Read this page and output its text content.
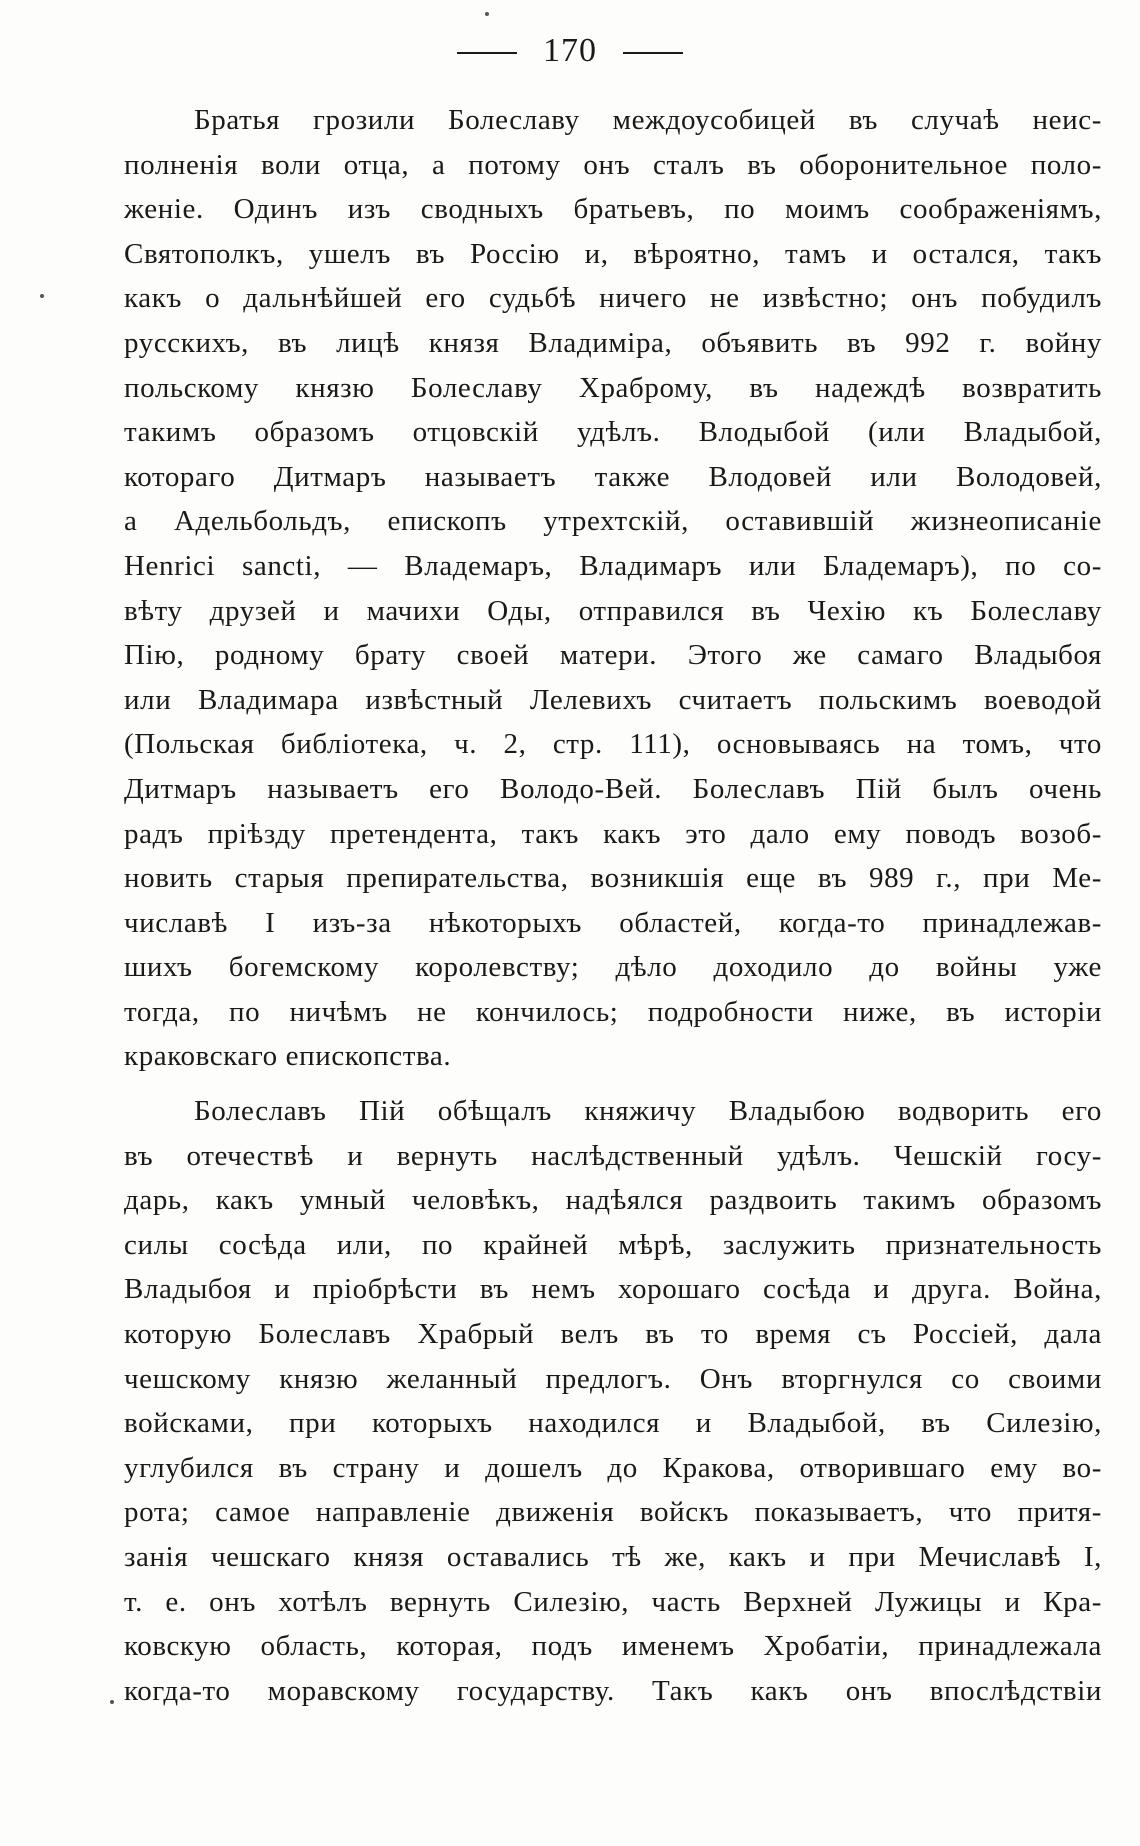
170
Братья грозили Болеславу междоусобицей въ случаѣ неис-
полненія воли отца, а потому онъ сталъ въ оборонительное поло-
женіе. Одинъ изъ сводныхъ братьевъ, по моимъ соображеніямъ,
Святополкъ, ушелъ въ Россію и, вѣроятно, тамъ и остался, такъ
какъ о дальнѣйшей его судьбѣ ничего не извѣстно; онъ побудилъ
русскихъ, въ лицѣ князя Владиміра, объявить въ 992 г. войну
польскому князю Болеславу Храброму, въ надеждѣ возвратить
такимъ образомъ отцовскій удѣлъ. Влодыбой (или Владыбой,
котораго Дитмаръ называетъ также Влодовей или Володовей,
а Адельбольдъ, епископъ утрехтскій, оставившій жизнеописаніе
Henrici sancti, — Владемаръ, Владимаръ или Бладемаръ), по со-
вѣту друзей и мачихи Оды, отправился въ Чехію къ Болеславу
Пію, родному брату своей матери. Этого же самаго Владыбоя
или Владимара извѣстный Лелевихъ считаетъ польскимъ воеводой
(Польская библіотека, ч. 2, стр. 111), основываясь на томъ, что
Дитмаръ называетъ его Володо-Вей. Болеславъ Пій былъ очень
радъ пріѣзду претендента, такъ какъ это дало ему поводъ возоб-
новить старыя препирательства, возникшія еще въ 989 г., при Ме-
числавѣ I изъ-за нѣкоторыхъ областей, когда-то принадлежав-
шихъ богемскому королевству; дѣло доходило до войны уже
тогда, по ничѣмъ не кончилось; подробности ниже, въ исторіи
краковскаго епископства.
Болеславъ Пій обѣщалъ княжичу Владыбою водворить его
въ отечествѣ и вернуть наслѣдственный удѣлъ. Чешскій госу-
дарь, какъ умный человѣкъ, надѣялся раздвоить такимъ образомъ
силы сосѣда или, по крайней мѣрѣ, заслужить признательность
Владыбоя и пріобрѣсти въ немъ хорошаго сосѣда и друга. Война,
которую Болеславъ Храбрый велъ въ то время съ Россіей, дала
чешскому князю желанный предлогъ. Онъ вторгнулся со своими
войсками, при которыхъ находился и Владыбой, въ Силезію,
углубился въ страну и дошелъ до Кракова, отворившаго ему во-
рота; самое направленіе движенія войскъ показываетъ, что притя-
занія чешскаго князя оставались тѣ же, какъ и при Мечиславѣ I,
т. е. онъ хотѣлъ вернуть Силезію, часть Верхней Лужицы и Кра-
ковскую область, которая, подъ именемъ Хробатіи, принадлежала
когда-то моравскому государству. Такъ какъ онъ впослѣдствіи
